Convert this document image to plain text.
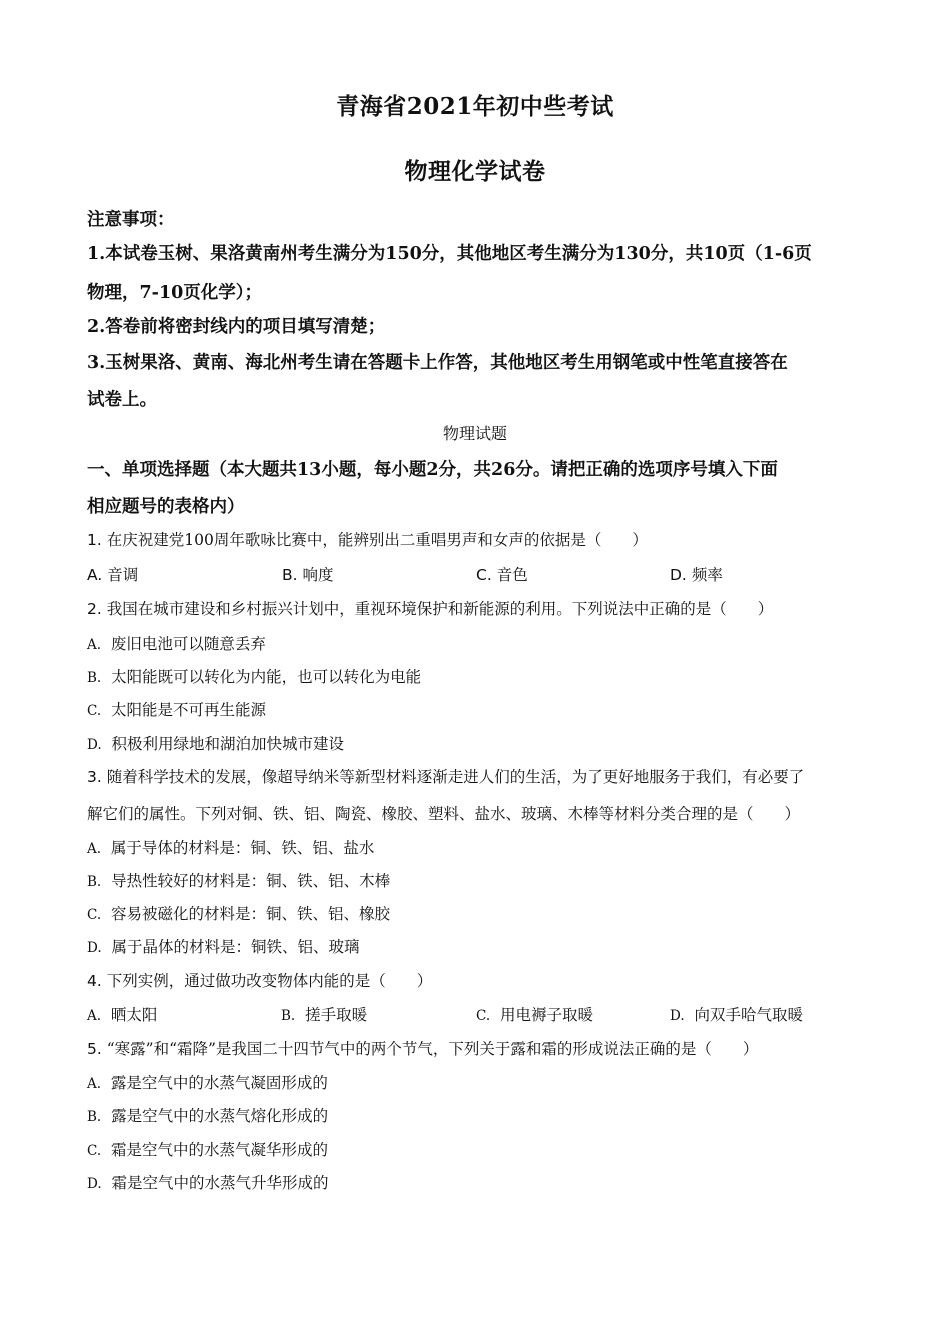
青海省2021年初中些考试
物理化学试卷
注意事项：
1.本试卷玉树、果洛黄南州考生满分为150分，其他地区考生满分为130分，共10页（1-6页
物理，7-10页化学）；
2.答卷前将密封线内的项目填写清楚；
3.玉树果洛、黄南、海北州考生请在答题卡上作答，其他地区考生用钢笔或中性笔直接答在
试卷上。
物理试题
一、单项选择题（本大题共13小题，每小题2分，共26分。请把正确的选项序号填入下面
相应题号的表格内）
1. 在庆祝建党100周年歌咏比赛中，能辨别出二重唱男声和女声的依据是（　　）
A. 音调	B. 响度	C. 音色	D. 频率
2. 我国在城市建设和乡村振兴计划中，重视环境保护和新能源的利用。下列说法中正确的是（　　）
A. 废旧电池可以随意丢弃
B. 太阳能既可以转化为内能，也可以转化为电能
C. 太阳能是不可再生能源
D. 积极利用绿地和湖泊加快城市建设
3. 随着科学技术的发展，像超导纳米等新型材料逐渐走进人们的生活，为了更好地服务于我们，有必要了
解它们的属性。下列对铜、铁、铝、陶瓷、橡胶、塑料、盐水、玻璃、木棒等材料分类合理的是（　　）
A. 属于导体的材料是：铜、铁、铝、盐水
B. 导热性较好的材料是：铜、铁、铝、木棒
C. 容易被磁化的材料是：铜、铁、铝、橡胶
D. 属于晶体的材料是：铜铁、铝、玻璃
4. 下列实例，通过做功改变物体内能的是（　　）
A. 晒太阳	B. 搓手取暖	C. 用电褥子取暖	D. 向双手哈气取暖
5. “寒露”和“霜降”是我国二十四节气中的两个节气，下列关于露和霜的形成说法正确的是（　　）
A. 露是空气中的水蒸气凝固形成的
B. 露是空气中的水蒸气熔化形成的
C. 霜是空气中的水蒸气凝华形成的
D. 霜是空气中的水蒸气升华形成的
